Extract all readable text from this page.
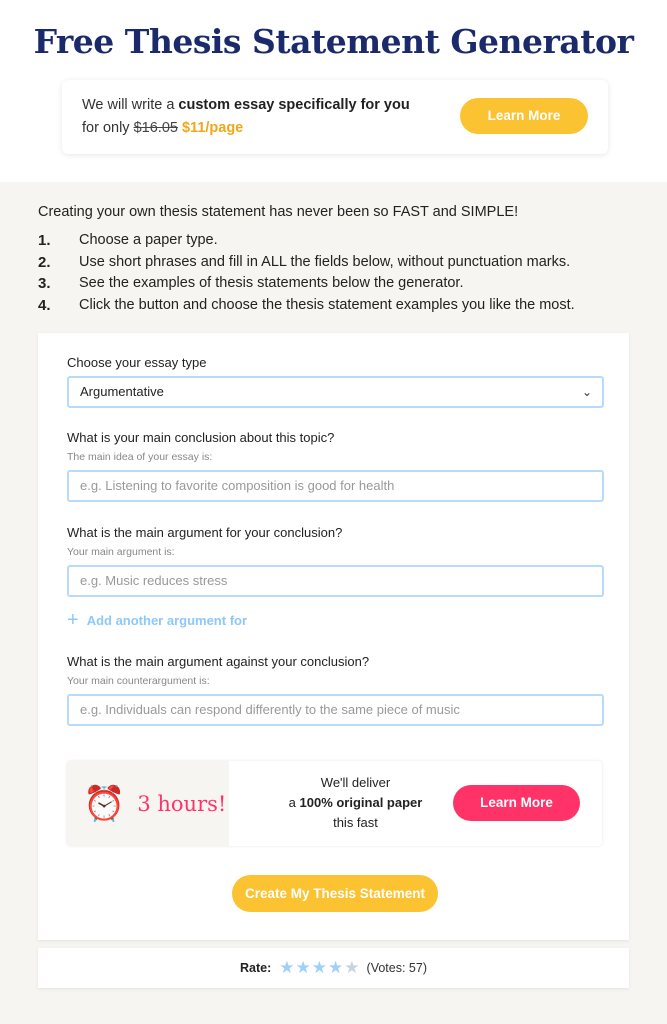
Free Thesis Statement Generator
We will write a custom essay specifically for you
for only $16.05 $11/page
Learn More

Creating your own thesis statement has never been so FAST and SIMPLE!

1.	Choose a paper type.
2.	Use short phrases and fill in ALL the fields below, without punctuation marks.
3.	See the examples of thesis statements below the generator.
4.	Click the button and choose the thesis statement examples you like the most.
Choose your essay type
Argumentative	⌄
What is your main conclusion about this topic?
The main idea of your essay is:
e.g. Listening to favorite composition is good for health
What is the main argument for your conclusion?
Your main argument is:
e.g. Music reduces stress
+ Add another argument for
What is the main argument against your conclusion?
Your main counterargument is:
e.g. Individuals can respond differently to the same piece of music
⏰ 3 hours!
We'll deliver
a 100% original paper
this fast
Learn More
Create My Thesis Statement
Rate: ★★★★★ (Votes: 57)
